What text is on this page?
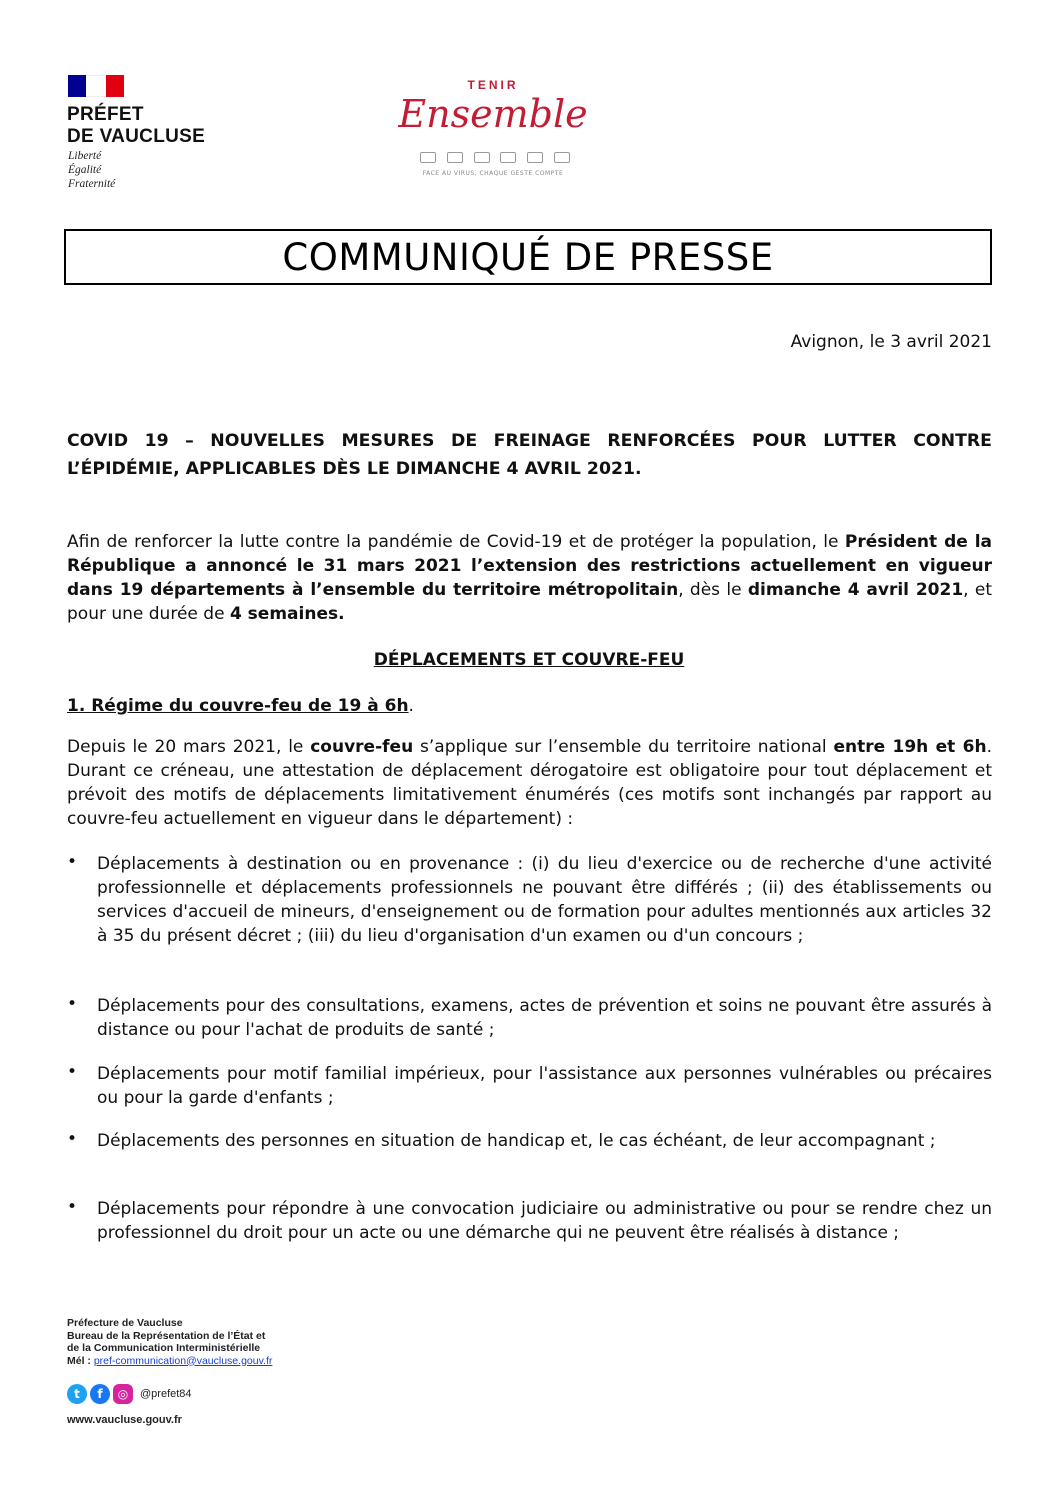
PRÉFET
DE VAUCLUSE
Liberté
Égalité
Fraternité
TENIR
Ensemble
FACE AU VIRUS, CHAQUE GESTE COMPTE
COMMUNIQUÉ DE PRESSE
Avignon, le 3 avril 2021
COVID 19 – NOUVELLES MESURES DE FREINAGE RENFORCÉES POUR LUTTER CONTRE L’ÉPIDÉMIE, APPLICABLES DÈS LE DIMANCHE 4 AVRIL 2021.

Afin de renforcer la lutte contre la pandémie de Covid-19 et de protéger la population, le Président de la République a annoncé le 31 mars 2021 l’extension des restrictions actuellement en vigueur dans 19 départements à l’ensemble du territoire métropolitain, dès le dimanche 4 avril 2021, et pour une durée de 4 semaines.

DÉPLACEMENTS ET COUVRE-FEU
1. Régime du couvre-feu de 19 à 6h.

Depuis le 20 mars 2021, le couvre-feu s’applique sur l’ensemble du territoire national entre 19h et 6h. Durant ce créneau, une attestation de déplacement dérogatoire est obligatoire pour tout déplacement et prévoit des motifs de déplacements limitativement énumérés (ces motifs sont inchangés par rapport au couvre-feu actuellement en vigueur dans le département) :

• Déplacements à destination ou en provenance : (i) du lieu d'exercice ou de recherche d'une activité professionnelle et déplacements professionnels ne pouvant être différés ; (ii) des établissements ou services d'accueil de mineurs, d'enseignement ou de formation pour adultes mentionnés aux articles 32 à 35 du présent décret ; (iii) du lieu d'organisation d'un examen ou d'un concours ;

• Déplacements pour des consultations, examens, actes de prévention et soins ne pouvant être assurés à distance ou pour l'achat de produits de santé ;

• Déplacements pour motif familial impérieux, pour l'assistance aux personnes vulnérables ou précaires ou pour la garde d'enfants ;

• Déplacements des personnes en situation de handicap et, le cas échéant, de leur accompagnant ;

• Déplacements pour répondre à une convocation judiciaire ou administrative ou pour se rendre chez un professionnel du droit pour un acte ou une démarche qui ne peuvent être réalisés à distance ;

Préfecture de Vaucluse
Bureau de la Représentation de l’État et
de la Communication Interministérielle
Mél : pref-communication@vaucluse.gouv.fr
t	f	◎	@prefet84
www.vaucluse.gouv.fr
